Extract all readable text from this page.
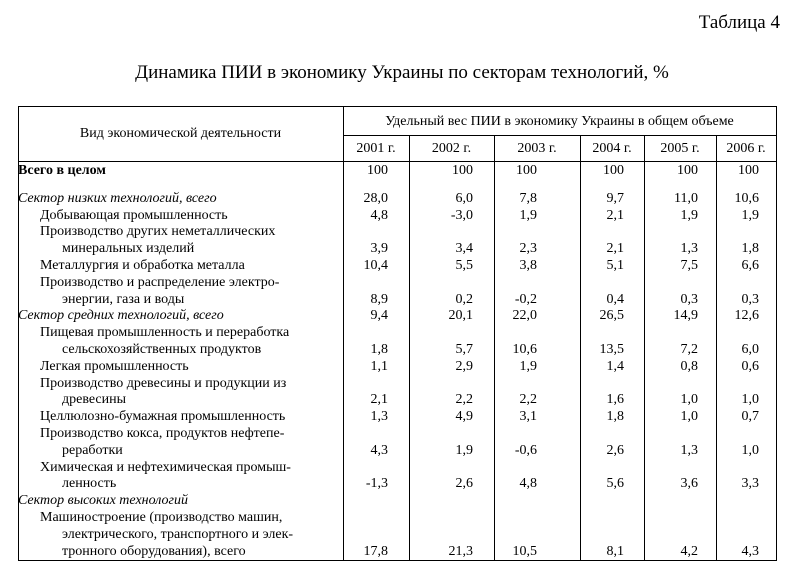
Таблица 4
Динамика ПИИ в экономику Украины по секторам технологий, %
Вид экономической деятельности
Удельный вес ПИИ в экономику Украины в общем объеме
2001 г.	2002 г.	2003 г.	2004 г.	2005 г.	2006 г.
Всего в целом	100	100	100	100	100	100
Сектор низких технологий, всего	28,0	6,0	7,8	9,7	11,0	10,6
Добывающая промышленность	4,8	-3,0	1,9	2,1	1,9	1,9
Производство других неметаллических
минеральных изделий	3,9	3,4	2,3	2,1	1,3	1,8
Металлургия и обработка металла	10,4	5,5	3,8	5,1	7,5	6,6
Производство и распределение электро-
энергии, газа и воды	8,9	0,2	-0,2	0,4	0,3	0,3
Сектор средних технологий, всего	9,4	20,1	22,0	26,5	14,9	12,6
Пищевая промышленность и переработка
сельскохозяйственных продуктов	1,8	5,7	10,6	13,5	7,2	6,0
Легкая промышленность	1,1	2,9	1,9	1,4	0,8	0,6
Производство древесины и продукции из
древесины	2,1	2,2	2,2	1,6	1,0	1,0
Целлюлозно-бумажная промышленность	1,3	4,9	3,1	1,8	1,0	0,7
Производство кокса, продуктов нефтепе-
реработки	4,3	1,9	-0,6	2,6	1,3	1,0
Химическая и нефтехимическая промыш-
ленность	-1,3	2,6	4,8	5,6	3,6	3,3
Сектор высоких технологий
Машиностроение (производство машин,
электрического, транспортного и элек-
тронного оборудования), всего	17,8	21,3	10,5	8,1	4,2	4,3
